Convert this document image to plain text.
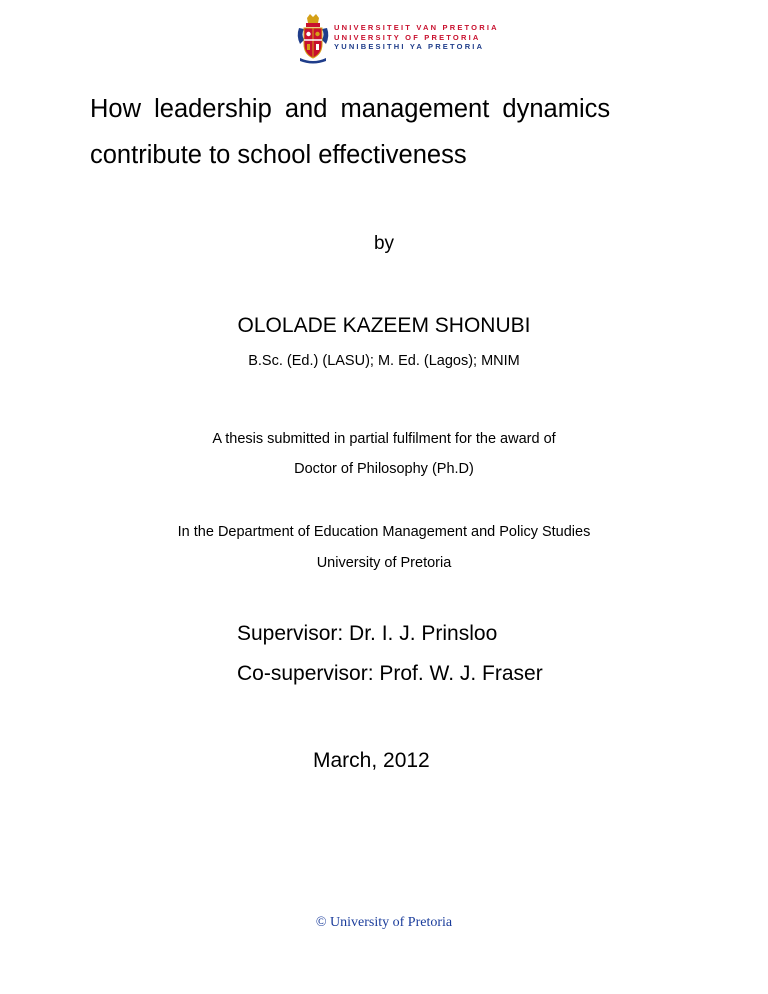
UNIVERSITEIT VAN PRETORIA
UNIVERSITY OF PRETORIA
YUNIBESITHI YA PRETORIA
How leadership and management dynamics
contribute to school effectiveness
by
OLOLADE KAZEEM SHONUBI
B.Sc. (Ed.) (LASU); M. Ed. (Lagos); MNIM
A thesis submitted in partial fulfilment for the award of
Doctor of Philosophy (Ph.D)
In the Department of Education Management and Policy Studies
University of Pretoria
Supervisor: Dr. I. J. Prinsloo
Co-supervisor: Prof. W. J. Fraser
March, 2012
© University of Pretoria
